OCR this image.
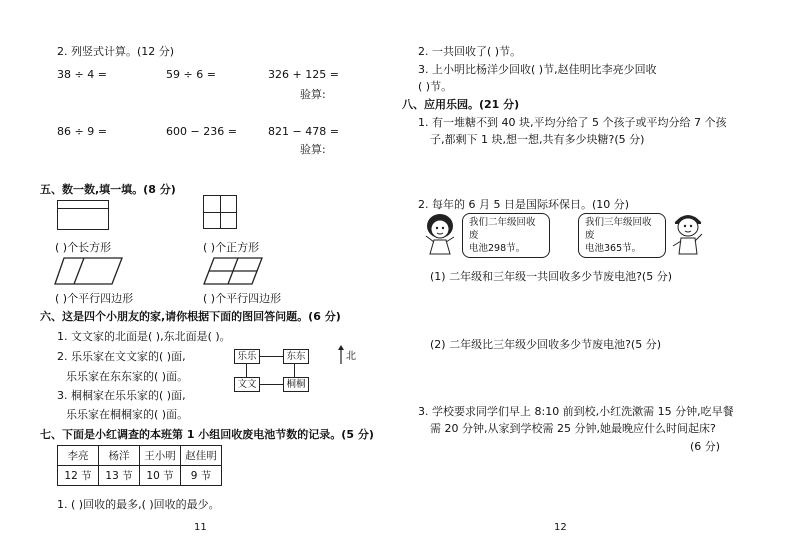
2. 列竖式计算。(12 分)
38 ÷ 4 =	59 ÷ 6 =	326 + 125 =
验算:
86 ÷ 9 =	600 − 236 =	821 − 478 =
验算:
五、数一数,填一填。(8 分)
( )个长方形	( )个正方形
( )个平行四边形	( )个平行四边形
六、这是四个小朋友的家,请你根据下面的图回答问题。(6 分)
1. 文文家的北面是( ),东北面是( )。
2. 乐乐家在文文家的( )面,
乐乐家在东东家的( )面。
3. 桐桐家在乐乐家的( )面,
乐乐家在桐桐家的( )面。
乐乐	东东
文文	桐桐
北
七、下面是小红调查的本班第 1 小组回收废电池节数的记录。(5 分)
李亮	杨洋	王小明	赵佳明
12 节	13 节	10 节	9 节
1. ( )回收的最多,( )回收的最少。
11
2. 一共回收了( )节。
3. 上小明比杨洋少回收( )节,赵佳明比李亮少回收
( )节。
八、应用乐园。(21 分)
1. 有一堆糖不到 40 块,平均分给了 5 个孩子或平均分给 7 个孩
子,都剩下 1 块,想一想,共有多少块糖?(5 分)
2. 每年的 6 月 5 日是国际环保日。(10 分)
我们二年级回收废
电池298节。
我们三年级回收废
电池365节。
(1) 二年级和三年级一共回收多少节废电池?(5 分)
(2) 二年级比三年级少回收多少节废电池?(5 分)
3. 学校要求同学们早上 8:10 前到校,小红洗漱需 15 分钟,吃早餐
需 20 分钟,从家到学校需 25 分钟,她最晚应什么时间起床?
(6 分)
12
